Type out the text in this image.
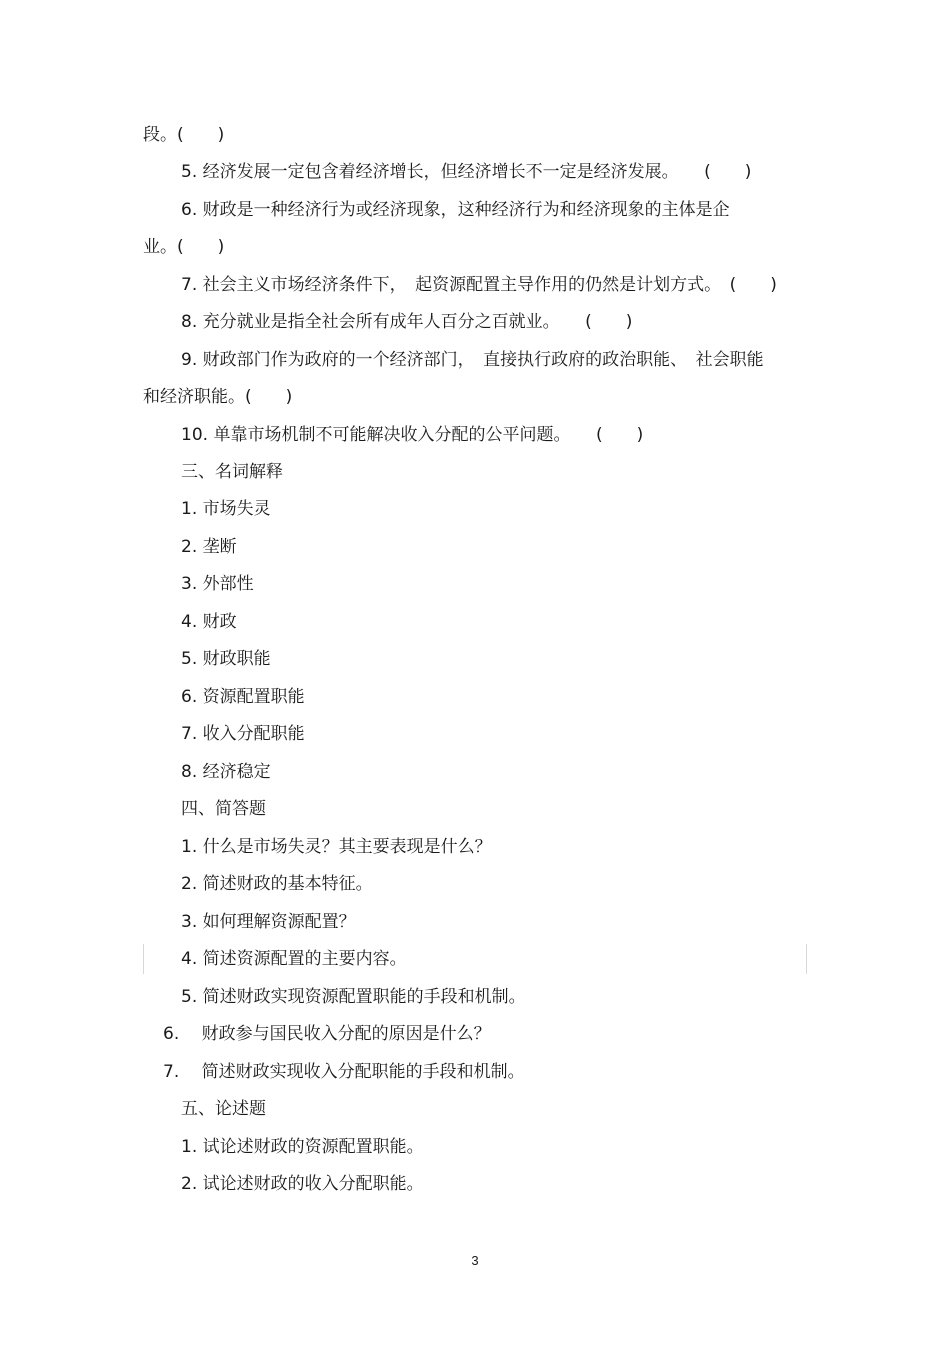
段。(　　)
5. 经济发展一定包含着经济增长，但经济增长不一定是经济发展。　　(　　)
6. 财政是一种经济行为或经济现象，这种经济行为和经济现象的主体是企
业。(　　)
7. 社会主义市场经济条件下，　起资源配置主导作用的仍然是计划方式。　(　　)
8. 充分就业是指全社会所有成年人百分之百就业。　　(　　)
9. 财政部门作为政府的一个经济部门，　直接执行政府的政治职能、　社会职能
和经济职能。(　　)
10. 单靠市场机制不可能解决收入分配的公平问题。　　(　　)
三、名词解释
1. 市场失灵
2. 垄断
3. 外部性
4. 财政
5. 财政职能
6. 资源配置职能
7. 收入分配职能
8. 经济稳定
四、简答题
1. 什么是市场失灵？其主要表现是什么？
2. 简述财政的基本特征。
3. 如何理解资源配置？
4. 简述资源配置的主要内容。
5. 简述财政实现资源配置职能的手段和机制。
6.　 财政参与国民收入分配的原因是什么？
7.　 简述财政实现收入分配职能的手段和机制。
五、论述题
1. 试论述财政的资源配置职能。
2. 试论述财政的收入分配职能。
3
